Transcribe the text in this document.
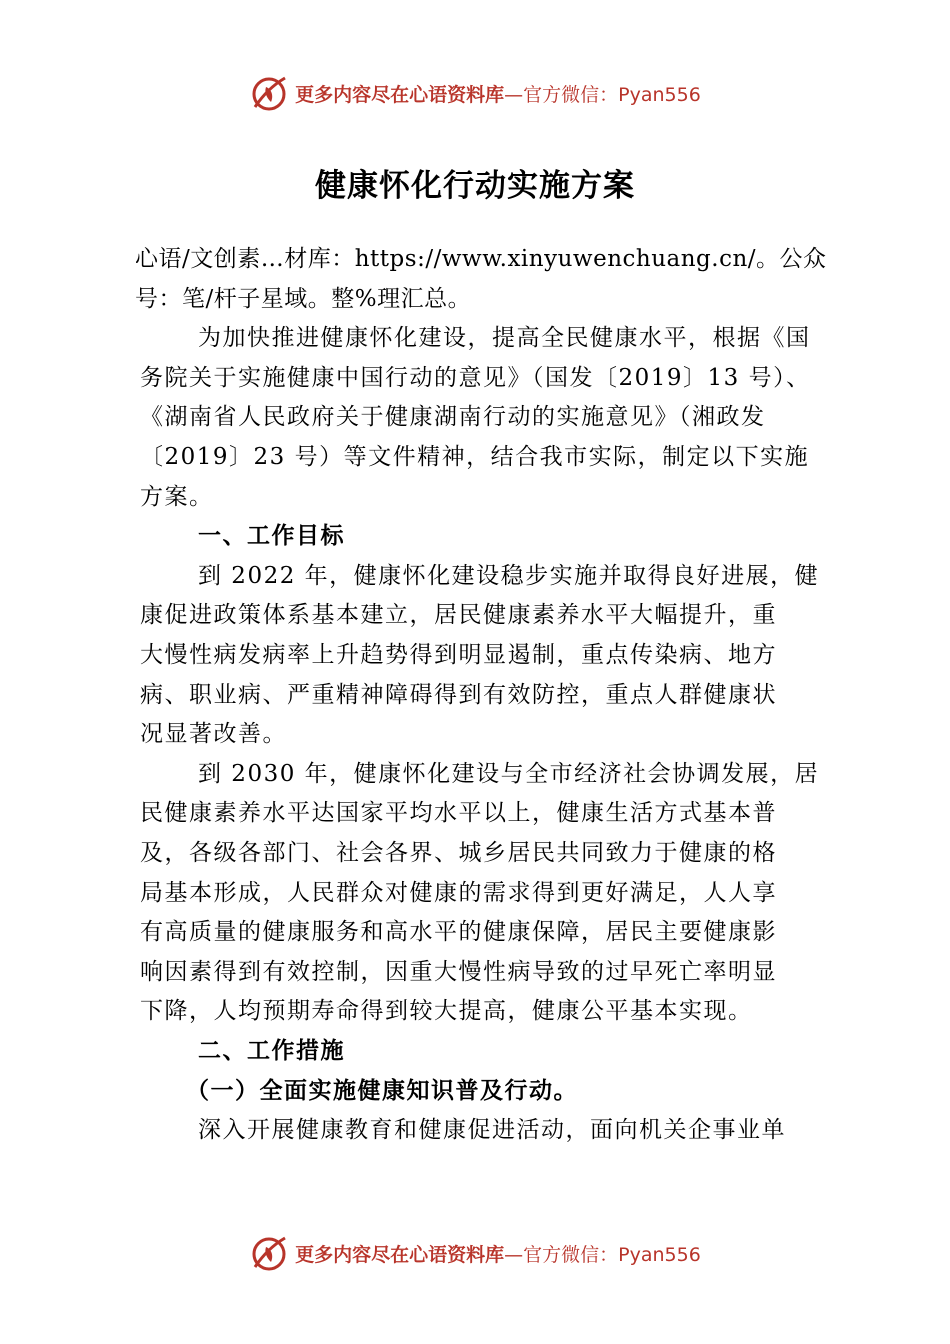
更多内容尽在心语资料库—官方微信：Pyan556
健康怀化行动实施方案
心语/文创素…材库：https://www.xinyuwenchuang.cn/。公众
号：笔/杆子星域。整%理汇总。
为加快推进健康怀化建设，提高全民健康水平，根据《国
务院关于实施健康中国行动的意见》（国发〔2019〕13 号）、
《湖南省人民政府关于健康湖南行动的实施意见》（湘政发
〔2019〕23 号）等文件精神，结合我市实际，制定以下实施
方案。
一、工作目标
到 2022 年，健康怀化建设稳步实施并取得良好进展，健
康促进政策体系基本建立，居民健康素养水平大幅提升，重
大慢性病发病率上升趋势得到明显遏制，重点传染病、地方
病、职业病、严重精神障碍得到有效防控，重点人群健康状
况显著改善。
到 2030 年，健康怀化建设与全市经济社会协调发展，居
民健康素养水平达国家平均水平以上，健康生活方式基本普
及，各级各部门、社会各界、城乡居民共同致力于健康的格
局基本形成，人民群众对健康的需求得到更好满足，人人享
有高质量的健康服务和高水平的健康保障，居民主要健康影
响因素得到有效控制，因重大慢性病导致的过早死亡率明显
下降，人均预期寿命得到较大提高，健康公平基本实现。
二、工作措施
（一）全面实施健康知识普及行动。
深入开展健康教育和健康促进活动，面向机关企事业单
更多内容尽在心语资料库—官方微信：Pyan556
